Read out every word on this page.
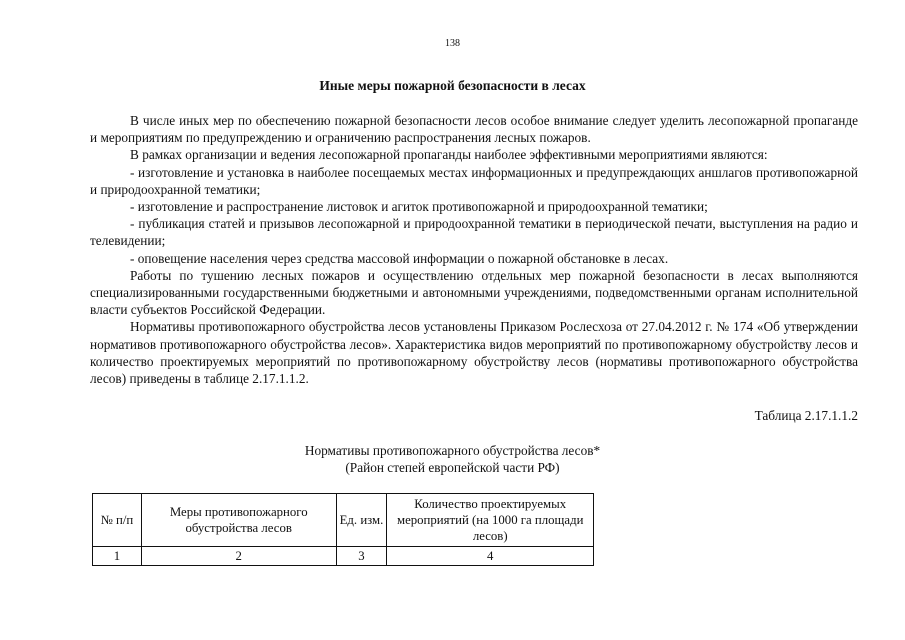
138
Иные меры пожарной безопасности в лесах

В числе иных мер по обеспечению пожарной безопасности лесов особое внимание следует уделить лесопожарной пропаганде и мероприятиям по предупреждению и ограничению распространения лесных пожаров.

В рамках организации и ведения лесопожарной пропаганды наиболее эффективными мероприятиями являются:

- изготовление и установка в наиболее посещаемых местах информационных и предупреждающих аншлагов противопожарной и природоохранной тематики;

- изготовление и распространение листовок и агиток противопожарной и природоохранной тематики;

- публикация статей и призывов лесопожарной и природоохранной тематики в периодической печати, выступления на радио и телевидении;

- оповещение населения через средства массовой информации о пожарной обстановке в лесах.

Работы по тушению лесных пожаров и осуществлению отдельных мер пожарной безопасности в лесах выполняются специализированными государственными бюджетными и автономными учреждениями, подведомственными органам исполнительной власти субъектов Российской Федерации.

Нормативы противопожарного обустройства лесов установлены Приказом Рослесхоза от 27.04.2012 г. № 174 «Об утверждении нормативов противопожарного обустройства лесов». Характеристика видов мероприятий по противопожарному обустройству лесов и количество проектируемых мероприятий по противопожарному обустройству лесов (нормативы противопожарного обустройства лесов) приведены в таблице 2.17.1.1.2.

Таблица 2.17.1.1.2
Нормативы противопожарного обустройства лесов*
(Район степей европейской части РФ)
№ п/п	Меры противопожарного обустройства лесов	Ед. изм.	Количество проектируемых мероприятий (на 1000 га площади лесов)
1	2	3	4
